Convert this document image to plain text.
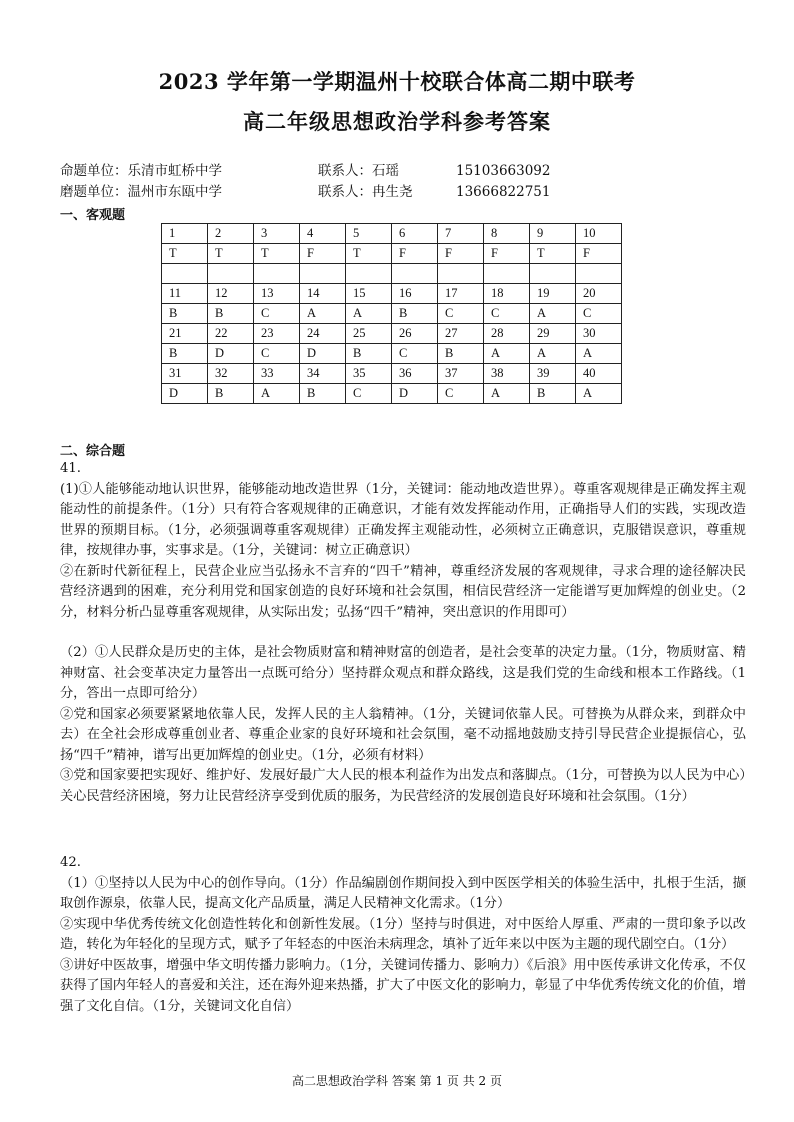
2023 学年第一学期温州十校联合体高二期中联考
高二年级思想政治学科参考答案
命题单位：乐清市虹桥中学	联系人：石瑶	15103663092
磨题单位：温州市东瓯中学	联系人：冉生尧	13666822751
一、客观题
1	2	3	4	5	6	7	8	9	10
T	T	T	F	T	F	F	F	T	F

11	12	13	14	15	16	17	18	19	20
B	B	C	A	A	B	C	C	A	C
21	22	23	24	25	26	27	28	29	30
B	D	C	D	B	C	B	A	A	A
31	32	33	34	35	36	37	38	39	40
D	B	A	B	C	D	C	A	B	A
二、综合题

41.

(1)①人能够能动地认识世界，能够能动地改造世界（1分，关键词：能动地改造世界）。尊重客观规律是正确发挥主观能动性的前提条件。（1分）只有符合客观规律的正确意识，才能有效发挥能动作用，正确指导人们的实践，实现改造世界的预期目标。（1分，必须强调尊重客观规律）正确发挥主观能动性，必须树立正确意识，克服错误意识，尊重规律，按规律办事，实事求是。（1分，关键词：树立正确意识）

②在新时代新征程上，民营企业应当弘扬永不言弃的“四千”精神，尊重经济发展的客观规律，寻求合理的途径解决民营经济遇到的困难，充分利用党和国家创造的良好环境和社会氛围，相信民营经济一定能谱写更加辉煌的创业史。（2分，材料分析凸显尊重客观规律，从实际出发；弘扬“四千”精神，突出意识的作用即可）

（2）①人民群众是历史的主体，是社会物质财富和精神财富的创造者，是社会变革的决定力量。（1分，物质财富、精神财富、社会变革决定力量答出一点既可给分）坚持群众观点和群众路线，这是我们党的生命线和根本工作路线。（1分，答出一点即可给分）

②党和国家必须要紧紧地依靠人民，发挥人民的主人翁精神。（1分，关键词依靠人民。可替换为从群众来，到群众中去）在全社会形成尊重创业者、尊重企业家的良好环境和社会氛围，毫不动摇地鼓励支持引导民营企业提振信心，弘扬“四千”精神，谱写出更加辉煌的创业史。（1分，必须有材料）

③党和国家要把实现好、维护好、发展好最广大人民的根本利益作为出发点和落脚点。（1分，可替换为以人民为中心）关心民营经济困境，努力让民营经济享受到优质的服务，为民营经济的发展创造良好环境和社会氛围。（1分）

42.

（1）①坚持以人民为中心的创作导向。（1分）作品编剧创作期间投入到中医医学相关的体验生活中，扎根于生活，撷取创作源泉，依靠人民，提高文化产品质量，满足人民精神文化需求。（1分）

②实现中华优秀传统文化创造性转化和创新性发展。（1分）坚持与时俱进，对中医给人厚重、严肃的一贯印象予以改造，转化为年轻化的呈现方式，赋予了年轻态的中医治未病理念，填补了近年来以中医为主题的现代剧空白。（1分）

③讲好中医故事，增强中华文明传播力影响力。（1分，关键词传播力、影响力）《后浪》用中医传承讲文化传承，不仅获得了国内年轻人的喜爱和关注，还在海外迎来热播，扩大了中医文化的影响力，彰显了中华优秀传统文化的价值，增强了文化自信。（1分，关键词文化自信）

高二思想政治学科 答案 第 1 页 共 2 页
